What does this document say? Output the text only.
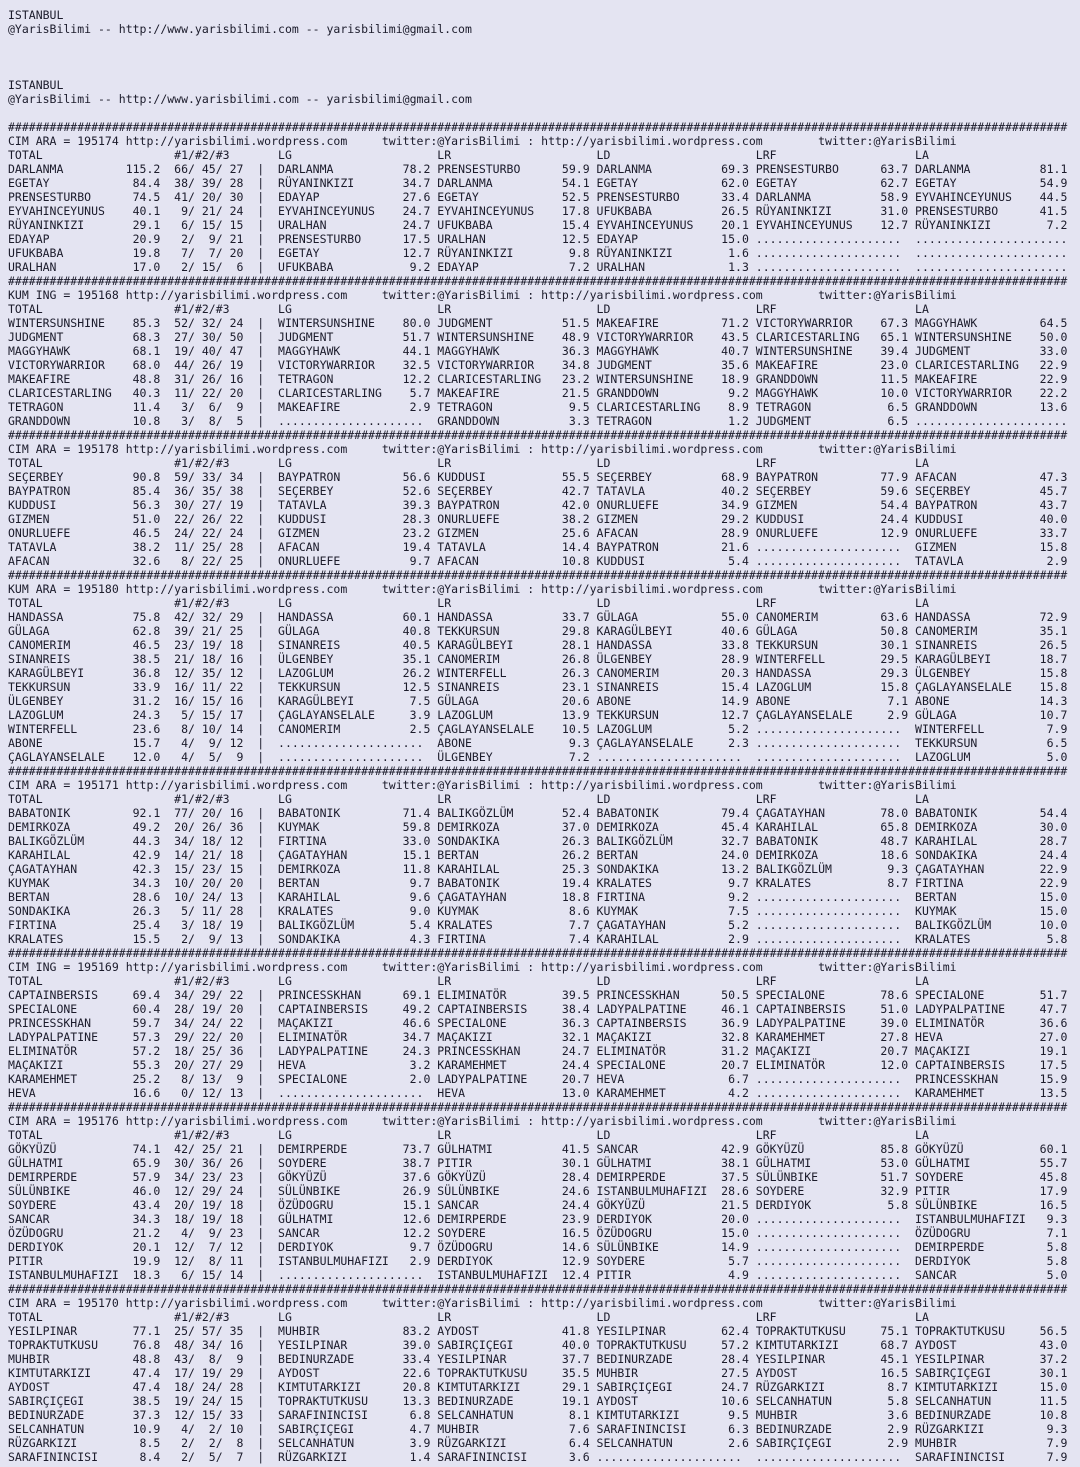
ISTANBUL
@YarisBilimi -- http://www.yarisbilimi.com -- yarisbilimi@gmail.com
ISTANBUL
@YarisBilimi -- http://www.yarisbilimi.com -- yarisbilimi@gmail.com
#########################################################################################################################################################
CIM ARA = 195174 http://yarisbilimi.wordpress.com     twitter:@YarisBilimi : http://yarisbilimi.wordpress.com        twitter:@YarisBilimi
TOTAL                   #1/#2/#3       LG                     LR                     LD                     LRF                    LA
DARLANMA         115.2  66/ 45/ 27  |  DARLANMA          78.2 PRENSESTURBO      59.9 DARLANMA          69.3 PRENSESTURBO      63.7 DARLANMA          81.1
EGETAY            84.4  38/ 39/ 28  |  RÜYANINKIZI       34.7 DARLANMA          54.1 EGETAY            62.0 EGETAY            62.7 EGETAY            54.9
PRENSESTURBO      74.5  41/ 20/ 30  |  EDAYAP            27.6 EGETAY            52.5 PRENSESTURBO      33.4 DARLANMA          58.9 EYVAHINCEYUNUS    44.5
EYVAHINCEYUNUS    40.1   9/ 21/ 24  |  EYVAHINCEYUNUS    24.7 EYVAHINCEYUNUS    17.8 UFUKBABA          26.5 RÜYANINKIZI       31.0 PRENSESTURBO      41.5
RÜYANINKIZI       29.1   6/ 15/ 15  |  URALHAN           24.7 UFUKBABA          15.4 EYVAHINCEYUNUS    20.1 EYVAHINCEYUNUS    12.7 RÜYANINKIZI        7.2
EDAYAP            20.9   2/  9/ 21  |  PRENSESTURBO      17.5 URALHAN           12.5 EDAYAP            15.0 .....................  ......................
UFUKBABA          19.8   7/  7/ 20  |  EGETAY            12.7 RÜYANINKIZI        9.8 RÜYANINKIZI        1.6 .....................  ......................
URALHAN           17.0   2/ 15/  6  |  UFUKBABA           9.2 EDAYAP             7.2 URALHAN            1.3 .....................  ......................
#########################################################################################################################################################
KUM ING = 195168 http://yarisbilimi.wordpress.com     twitter:@YarisBilimi : http://yarisbilimi.wordpress.com        twitter:@YarisBilimi
TOTAL                   #1/#2/#3       LG                     LR                     LD                     LRF                    LA
WINTERSUNSHINE    85.3  52/ 32/ 24  |  WINTERSUNSHINE    80.0 JUDGMENT          51.5 MAKEAFIRE         71.2 VICTORYWARRIOR    67.3 MAGGYHAWK         64.5
JUDGMENT          68.3  27/ 30/ 50  |  JUDGMENT          51.7 WINTERSUNSHINE    48.9 VICTORYWARRIOR    43.5 CLARICESTARLING   65.1 WINTERSUNSHINE    50.0
MAGGYHAWK         68.1  19/ 40/ 47  |  MAGGYHAWK         44.1 MAGGYHAWK         36.3 MAGGYHAWK         40.7 WINTERSUNSHINE    39.4 JUDGMENT          33.0
VICTORYWARRIOR    68.0  44/ 26/ 19  |  VICTORYWARRIOR    32.5 VICTORYWARRIOR    34.8 JUDGMENT          35.6 MAKEAFIRE         23.0 CLARICESTARLING   22.9
MAKEAFIRE         48.8  31/ 26/ 16  |  TETRAGON          12.2 CLARICESTARLING   23.2 WINTERSUNSHINE    18.9 GRANDDOWN         11.5 MAKEAFIRE         22.9
CLARICESTARLING   40.3  11/ 22/ 20  |  CLARICESTARLING    5.7 MAKEAFIRE         21.5 GRANDDOWN          9.2 MAGGYHAWK         10.0 VICTORYWARRIOR    22.2
TETRAGON          11.4   3/  6/  9  |  MAKEAFIRE          2.9 TETRAGON           9.5 CLARICESTARLING    8.9 TETRAGON           6.5 GRANDDOWN         13.6
GRANDDOWN         10.8   3/  8/  5  |  .....................  GRANDDOWN          3.3 TETRAGON           1.2 JUDGMENT           6.5 ......................
#########################################################################################################################################################
CIM ARA = 195178 http://yarisbilimi.wordpress.com     twitter:@YarisBilimi : http://yarisbilimi.wordpress.com        twitter:@YarisBilimi
TOTAL                   #1/#2/#3       LG                     LR                     LD                     LRF                    LA
SEÇERBEY          90.8  59/ 33/ 34  |  BAYPATRON         56.6 KUDDUSI           55.5 SEÇERBEY          68.9 BAYPATRON         77.9 AFACAN            47.3
BAYPATRON         85.4  36/ 35/ 38  |  SEÇERBEY          52.6 SEÇERBEY          42.7 TATAVLA           40.2 SEÇERBEY          59.6 SEÇERBEY          45.7
KUDDUSI           56.3  30/ 27/ 19  |  TATAVLA           39.3 BAYPATRON         42.0 ONURLUEFE         34.9 GIZMEN            54.4 BAYPATRON         43.7
GIZMEN            51.0  22/ 26/ 22  |  KUDDUSI           28.3 ONURLUEFE         38.2 GIZMEN            29.2 KUDDUSI           24.4 KUDDUSI           40.0
ONURLUEFE         46.5  24/ 22/ 24  |  GIZMEN            23.2 GIZMEN            25.6 AFACAN            28.9 ONURLUEFE         12.9 ONURLUEFE         33.7
TATAVLA           38.2  11/ 25/ 28  |  AFACAN            19.4 TATAVLA           14.4 BAYPATRON         21.6 .....................  GIZMEN            15.8
AFACAN            32.6   8/ 22/ 25  |  ONURLUEFE          9.7 AFACAN            10.8 KUDDUSI            5.4 .....................  TATAVLA            2.9
#########################################################################################################################################################
KUM ARA = 195180 http://yarisbilimi.wordpress.com     twitter:@YarisBilimi : http://yarisbilimi.wordpress.com        twitter:@YarisBilimi
TOTAL                   #1/#2/#3       LG                     LR                     LD                     LRF                    LA
HANDASSA          75.8  42/ 32/ 29  |  HANDASSA          60.1 HANDASSA          33.7 GÜLAGA            55.0 CANOMERIM         63.6 HANDASSA          72.9
GÜLAGA            62.8  39/ 21/ 25  |  GÜLAGA            40.8 TEKKURSUN         29.8 KARAGÜLBEYI       40.6 GÜLAGA            50.8 CANOMERIM         35.1
CANOMERIM         46.5  23/ 19/ 18  |  SINANREIS         40.5 KARAGÜLBEYI       28.1 HANDASSA          33.8 TEKKURSUN         30.1 SINANREIS         26.5
SINANREIS         38.5  21/ 18/ 16  |  ÜLGENBEY          35.1 CANOMERIM         26.8 ÜLGENBEY          28.9 WINTERFELL        29.5 KARAGÜLBEYI       18.7
KARAGÜLBEYI       36.8  12/ 35/ 12  |  LAZOGLUM          26.2 WINTERFELL        26.3 CANOMERIM         20.3 HANDASSA          29.3 ÜLGENBEY          15.8
TEKKURSUN         33.9  16/ 11/ 22  |  TEKKURSUN         12.5 SINANREIS         23.1 SINANREIS         15.4 LAZOGLUM          15.8 ÇAGLAYANSELALE    15.8
ÜLGENBEY          31.2  16/ 15/ 16  |  KARAGÜLBEYI        7.5 GÜLAGA            20.6 ABONE             14.9 ABONE              7.1 ABONE             14.3
LAZOGLUM          24.3   5/ 15/ 17  |  ÇAGLAYANSELALE     3.9 LAZOGLUM          13.9 TEKKURSUN         12.7 ÇAGLAYANSELALE     2.9 GÜLAGA            10.7
WINTERFELL        23.6   8/ 10/ 14  |  CANOMERIM          2.5 ÇAGLAYANSELALE    10.5 LAZOGLUM           5.2 .....................  WINTERFELL         7.9
ABONE             15.7   4/  9/ 12  |  .....................  ABONE              9.3 ÇAGLAYANSELALE     2.3 .....................  TEKKURSUN          6.5
ÇAGLAYANSELALE    12.0   4/  5/  9  |  .....................  ÜLGENBEY           7.2 .....................  .....................  LAZOGLUM           5.0
#########################################################################################################################################################
CIM ARA = 195171 http://yarisbilimi.wordpress.com     twitter:@YarisBilimi : http://yarisbilimi.wordpress.com        twitter:@YarisBilimi
TOTAL                   #1/#2/#3       LG                     LR                     LD                     LRF                    LA
BABATONIK         92.1  77/ 20/ 16  |  BABATONIK         71.4 BALIKGÖZLÜM       52.4 BABATONIK         79.4 ÇAGATAYHAN        78.0 BABATONIK         54.4
DEMIRKOZA         49.2  20/ 26/ 36  |  KUYMAK            59.8 DEMIRKOZA         37.0 DEMIRKOZA         45.4 KARAHILAL         65.8 DEMIRKOZA         30.0
BALIKGÖZLÜM       44.3  34/ 18/ 12  |  FIRTINA           33.0 SONDAKIKA         26.3 BALIKGÖZLÜM       32.7 BABATONIK         48.7 KARAHILAL         28.7
KARAHILAL         42.9  14/ 21/ 18  |  ÇAGATAYHAN        15.1 BERTAN            26.2 BERTAN            24.0 DEMIRKOZA         18.6 SONDAKIKA         24.4
ÇAGATAYHAN        42.3  15/ 23/ 15  |  DEMIRKOZA         11.8 KARAHILAL         25.3 SONDAKIKA         13.2 BALIKGÖZLÜM        9.3 ÇAGATAYHAN        22.9
KUYMAK            34.3  10/ 20/ 20  |  BERTAN             9.7 BABATONIK         19.4 KRALATES           9.7 KRALATES           8.7 FIRTINA           22.9
BERTAN            28.6  10/ 24/ 13  |  KARAHILAL          9.6 ÇAGATAYHAN        18.8 FIRTINA            9.2 .....................  BERTAN            15.0
SONDAKIKA         26.3   5/ 11/ 28  |  KRALATES           9.0 KUYMAK             8.6 KUYMAK             7.5 .....................  KUYMAK            15.0
FIRTINA           25.4   3/ 18/ 19  |  BALIKGÖZLÜM        5.4 KRALATES           7.7 ÇAGATAYHAN         5.2 .....................  BALIKGÖZLÜM       10.0
KRALATES          15.5   2/  9/ 13  |  SONDAKIKA          4.3 FIRTINA            7.4 KARAHILAL          2.9 .....................  KRALATES           5.8
#########################################################################################################################################################
CIM ING = 195169 http://yarisbilimi.wordpress.com     twitter:@YarisBilimi : http://yarisbilimi.wordpress.com        twitter:@YarisBilimi
TOTAL                   #1/#2/#3       LG                     LR                     LD                     LRF                    LA
CAPTAINBERSIS     69.4  34/ 29/ 22  |  PRINCESSKHAN      69.1 ELIMINATÖR        39.5 PRINCESSKHAN      50.5 SPECIALONE        78.6 SPECIALONE        51.7
SPECIALONE        60.4  28/ 19/ 20  |  CAPTAINBERSIS     49.2 CAPTAINBERSIS     38.4 LADYPALPATINE     46.1 CAPTAINBERSIS     51.0 LADYPALPATINE     47.7
PRINCESSKHAN      59.7  34/ 24/ 22  |  MAÇAKIZI          46.6 SPECIALONE        36.3 CAPTAINBERSIS     36.9 LADYPALPATINE     39.0 ELIMINATÖR        36.6
LADYPALPATINE     57.3  29/ 22/ 20  |  ELIMINATÖR        34.7 MAÇAKIZI          32.1 MAÇAKIZI          32.8 KARAMEHMET        27.8 HEVA              27.0
ELIMINATÖR        57.2  18/ 25/ 36  |  LADYPALPATINE     24.3 PRINCESSKHAN      24.7 ELIMINATÖR        31.2 MAÇAKIZI          20.7 MAÇAKIZI          19.1
MAÇAKIZI          55.3  20/ 27/ 29  |  HEVA               3.2 KARAMEHMET        24.4 SPECIALONE        20.7 ELIMINATÖR        12.0 CAPTAINBERSIS     17.5
KARAMEHMET        25.2   8/ 13/  9  |  SPECIALONE         2.0 LADYPALPATINE     20.7 HEVA               6.7 .....................  PRINCESSKHAN      15.9
HEVA              16.6   0/ 12/ 13  |  .....................  HEVA              13.0 KARAMEHMET         4.2 .....................  KARAMEHMET        13.5
#########################################################################################################################################################
CIM ARA = 195176 http://yarisbilimi.wordpress.com     twitter:@YarisBilimi : http://yarisbilimi.wordpress.com        twitter:@YarisBilimi
TOTAL                   #1/#2/#3       LG                     LR                     LD                     LRF                    LA
GÖKYÜZÜ           74.1  42/ 25/ 21  |  DEMIRPERDE        73.7 GÜLHATMI          41.5 SANCAR            42.9 GÖKYÜZÜ           85.8 GÖKYÜZÜ           60.1
GÜLHATMI          65.9  30/ 36/ 26  |  SOYDERE           38.7 PITIR             30.1 GÜLHATMI          38.1 GÜLHATMI          53.0 GÜLHATMI          55.7
DEMIRPERDE        57.9  34/ 23/ 23  |  GÖKYÜZÜ           37.6 GÖKYÜZÜ           28.4 DEMIRPERDE        37.5 SÜLÜNBIKE         51.7 SOYDERE           45.8
SÜLÜNBIKE         46.0  12/ 29/ 24  |  SÜLÜNBIKE         26.9 SÜLÜNBIKE         24.6 ISTANBULMUHAFIZI  28.6 SOYDERE           32.9 PITIR             17.9
SOYDERE           43.4  20/ 19/ 18  |  ÖZÜDOGRU          15.1 SANCAR            24.4 GÖKYÜZÜ           21.5 DERDIYOK           5.8 SÜLÜNBIKE         16.5
SANCAR            34.3  18/ 19/ 18  |  GÜLHATMI          12.6 DEMIRPERDE        23.9 DERDIYOK          20.0 .....................  ISTANBULMUHAFIZI   9.3
ÖZÜDOGRU          21.2   4/  9/ 23  |  SANCAR            12.2 SOYDERE           16.5 ÖZÜDOGRU          15.0 .....................  ÖZÜDOGRU           7.1
DERDIYOK          20.1  12/  7/ 12  |  DERDIYOK           9.7 ÖZÜDOGRU          14.6 SÜLÜNBIKE         14.9 .....................  DEMIRPERDE         5.8
PITIR             19.9  12/  8/ 11  |  ISTANBULMUHAFIZI   2.9 DERDIYOK          12.9 SOYDERE            5.7 .....................  DERDIYOK           5.8
ISTANBULMUHAFIZI  18.3   6/ 15/ 14  |  .....................  ISTANBULMUHAFIZI  12.4 PITIR              4.9 .....................  SANCAR             5.0
#########################################################################################################################################################
CIM ARA = 195170 http://yarisbilimi.wordpress.com     twitter:@YarisBilimi : http://yarisbilimi.wordpress.com        twitter:@YarisBilimi
TOTAL                   #1/#2/#3       LG                     LR                     LD                     LRF                    LA
YESILPINAR        77.1  25/ 57/ 35  |  MUHBIR            83.2 AYDOST            41.8 YESILPINAR        62.4 TOPRAKTUTKUSU     75.1 TOPRAKTUTKUSU     56.5
TOPRAKTUTKUSU     76.8  48/ 34/ 16  |  YESILPINAR        39.0 SABIRÇIÇEGI       40.0 TOPRAKTUTKUSU     57.2 KIMTUTARKIZI      68.7 AYDOST            43.0
MUHBIR            48.8  43/  8/  9  |  BEDINURZADE       33.4 YESILPINAR        37.7 BEDINURZADE       28.4 YESILPINAR        45.1 YESILPINAR        37.2
KIMTUTARKIZI      47.4  17/ 19/ 29  |  AYDOST            22.6 TOPRAKTUTKUSU     35.5 MUHBIR            27.5 AYDOST            16.5 SABIRÇIÇEGI       30.1
AYDOST            47.4  18/ 24/ 28  |  KIMTUTARKIZI      20.8 KIMTUTARKIZI      29.1 SABIRÇIÇEGI       24.7 RÜZGARKIZI         8.7 KIMTUTARKIZI      15.0
SABIRÇIÇEGI       38.5  19/ 24/ 15  |  TOPRAKTUTKUSU     13.3 BEDINURZADE       19.1 AYDOST            10.6 SELCANHATUN        5.8 SELCANHATUN       11.5
BEDINURZADE       37.3  12/ 15/ 33  |  SARAFININCISI      6.8 SELCANHATUN        8.1 KIMTUTARKIZI       9.5 MUHBIR             3.6 BEDINURZADE       10.8
SELCANHATUN       10.9   4/  2/ 10  |  SABIRÇIÇEGI        4.7 MUHBIR             7.6 SARAFININCISI      6.3 BEDINURZADE        2.9 RÜZGARKIZI         9.3
RÜZGARKIZI         8.5   2/  2/  8  |  SELCANHATUN        3.9 RÜZGARKIZI         6.4 SELCANHATUN        2.6 SABIRÇIÇEGI        2.9 MUHBIR             7.9
SARAFININCISI      8.4   2/  5/  7  |  RÜZGARKIZI         1.4 SARAFININCISI      3.6 .....................  .....................  SARAFININCISI      7.9
